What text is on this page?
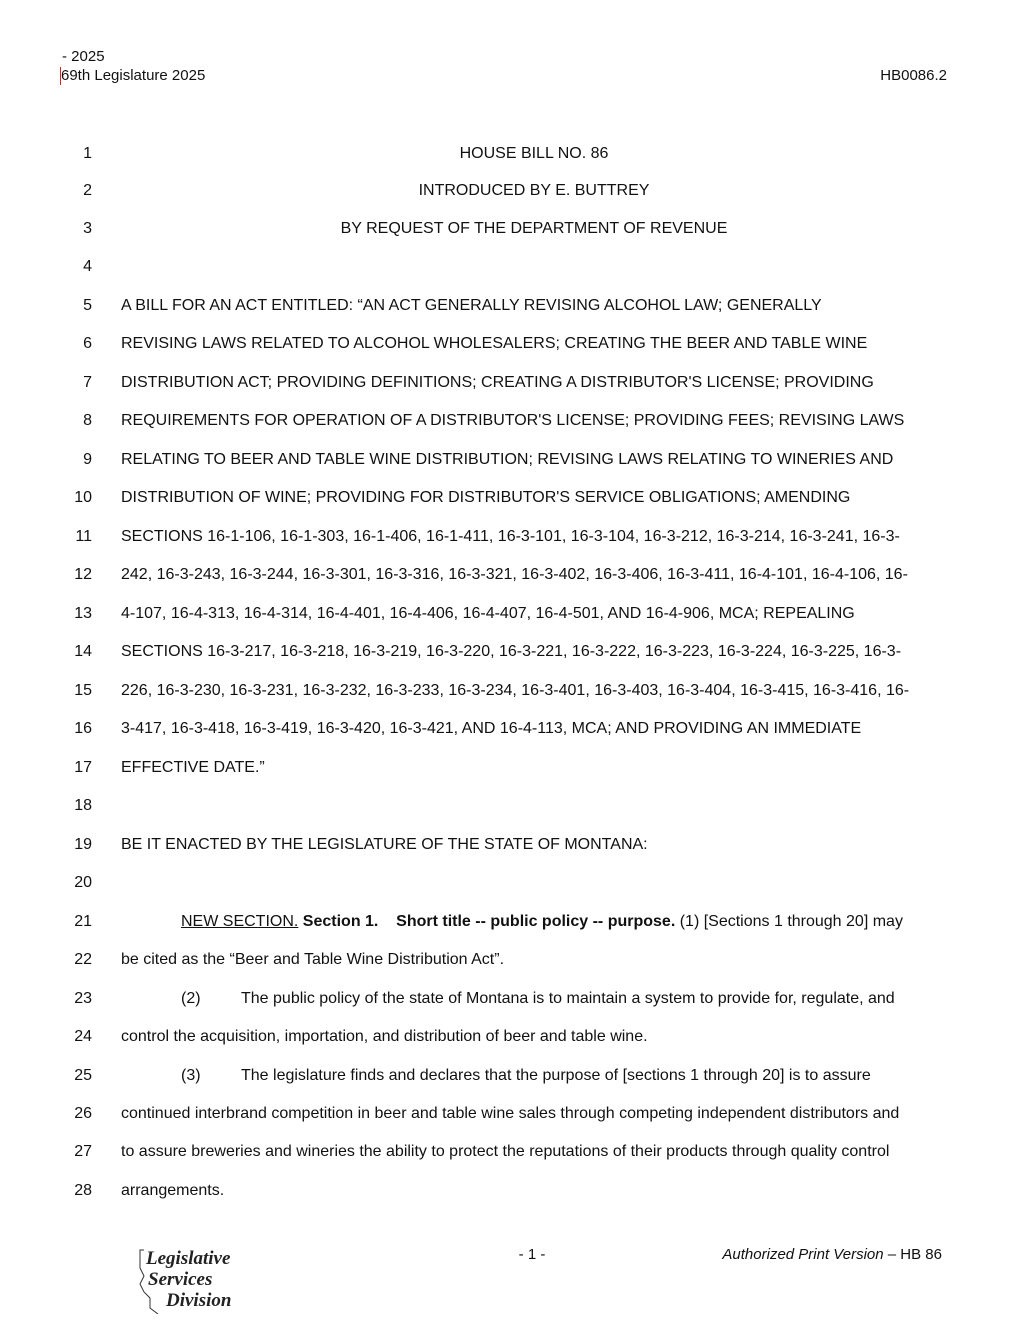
- 2025
69th Legislature 2025	HB0086.2
1	HOUSE BILL NO. 86
2	INTRODUCED BY E. BUTTREY
3	BY REQUEST OF THE DEPARTMENT OF REVENUE
4
5 A BILL FOR AN ACT ENTITLED: “AN ACT GENERALLY REVISING ALCOHOL LAW; GENERALLY
6 REVISING LAWS RELATED TO ALCOHOL WHOLESALERS; CREATING THE BEER AND TABLE WINE
7 DISTRIBUTION ACT; PROVIDING DEFINITIONS; CREATING A DISTRIBUTOR'S LICENSE; PROVIDING
8 REQUIREMENTS FOR OPERATION OF A DISTRIBUTOR'S LICENSE; PROVIDING FEES; REVISING LAWS
9 RELATING TO BEER AND TABLE WINE DISTRIBUTION; REVISING LAWS RELATING TO WINERIES AND
10 DISTRIBUTION OF WINE; PROVIDING FOR DISTRIBUTOR'S SERVICE OBLIGATIONS; AMENDING
11 SECTIONS 16-1-106, 16-1-303, 16-1-406, 16-1-411, 16-3-101, 16-3-104, 16-3-212, 16-3-214, 16-3-241, 16-3-
12 242, 16-3-243, 16-3-244, 16-3-301, 16-3-316, 16-3-321, 16-3-402, 16-3-406, 16-3-411, 16-4-101, 16-4-106, 16-
13 4-107, 16-4-313, 16-4-314, 16-4-401, 16-4-406, 16-4-407, 16-4-501, AND 16-4-906, MCA; REPEALING
14 SECTIONS 16-3-217, 16-3-218, 16-3-219, 16-3-220, 16-3-221, 16-3-222, 16-3-223, 16-3-224, 16-3-225, 16-3-
15 226, 16-3-230, 16-3-231, 16-3-232, 16-3-233, 16-3-234, 16-3-401, 16-3-403, 16-3-404, 16-3-415, 16-3-416, 16-
16 3-417, 16-3-418, 16-3-419, 16-3-420, 16-3-421, AND 16-4-113, MCA; AND PROVIDING AN IMMEDIATE
17 EFFECTIVE DATE.”
18
19 BE IT ENACTED BY THE LEGISLATURE OF THE STATE OF MONTANA:
20
21	NEW SECTION. Section 1. Short title -- public policy -- purpose. (1) [Sections 1 through 20] may
22 be cited as the “Beer and Table Wine Distribution Act”.
23	(2)	The public policy of the state of Montana is to maintain a system to provide for, regulate, and
24 control the acquisition, importation, and distribution of beer and table wine.
25	(3)	The legislature finds and declares that the purpose of [sections 1 through 20] is to assure
26 continued interbrand competition in beer and table wine sales through competing independent distributors and
27 to assure breweries and wineries the ability to protect the reputations of their products through quality control
28 arrangements.
Legislative
Services
Division
- 1 -	Authorized Print Version – HB 86
